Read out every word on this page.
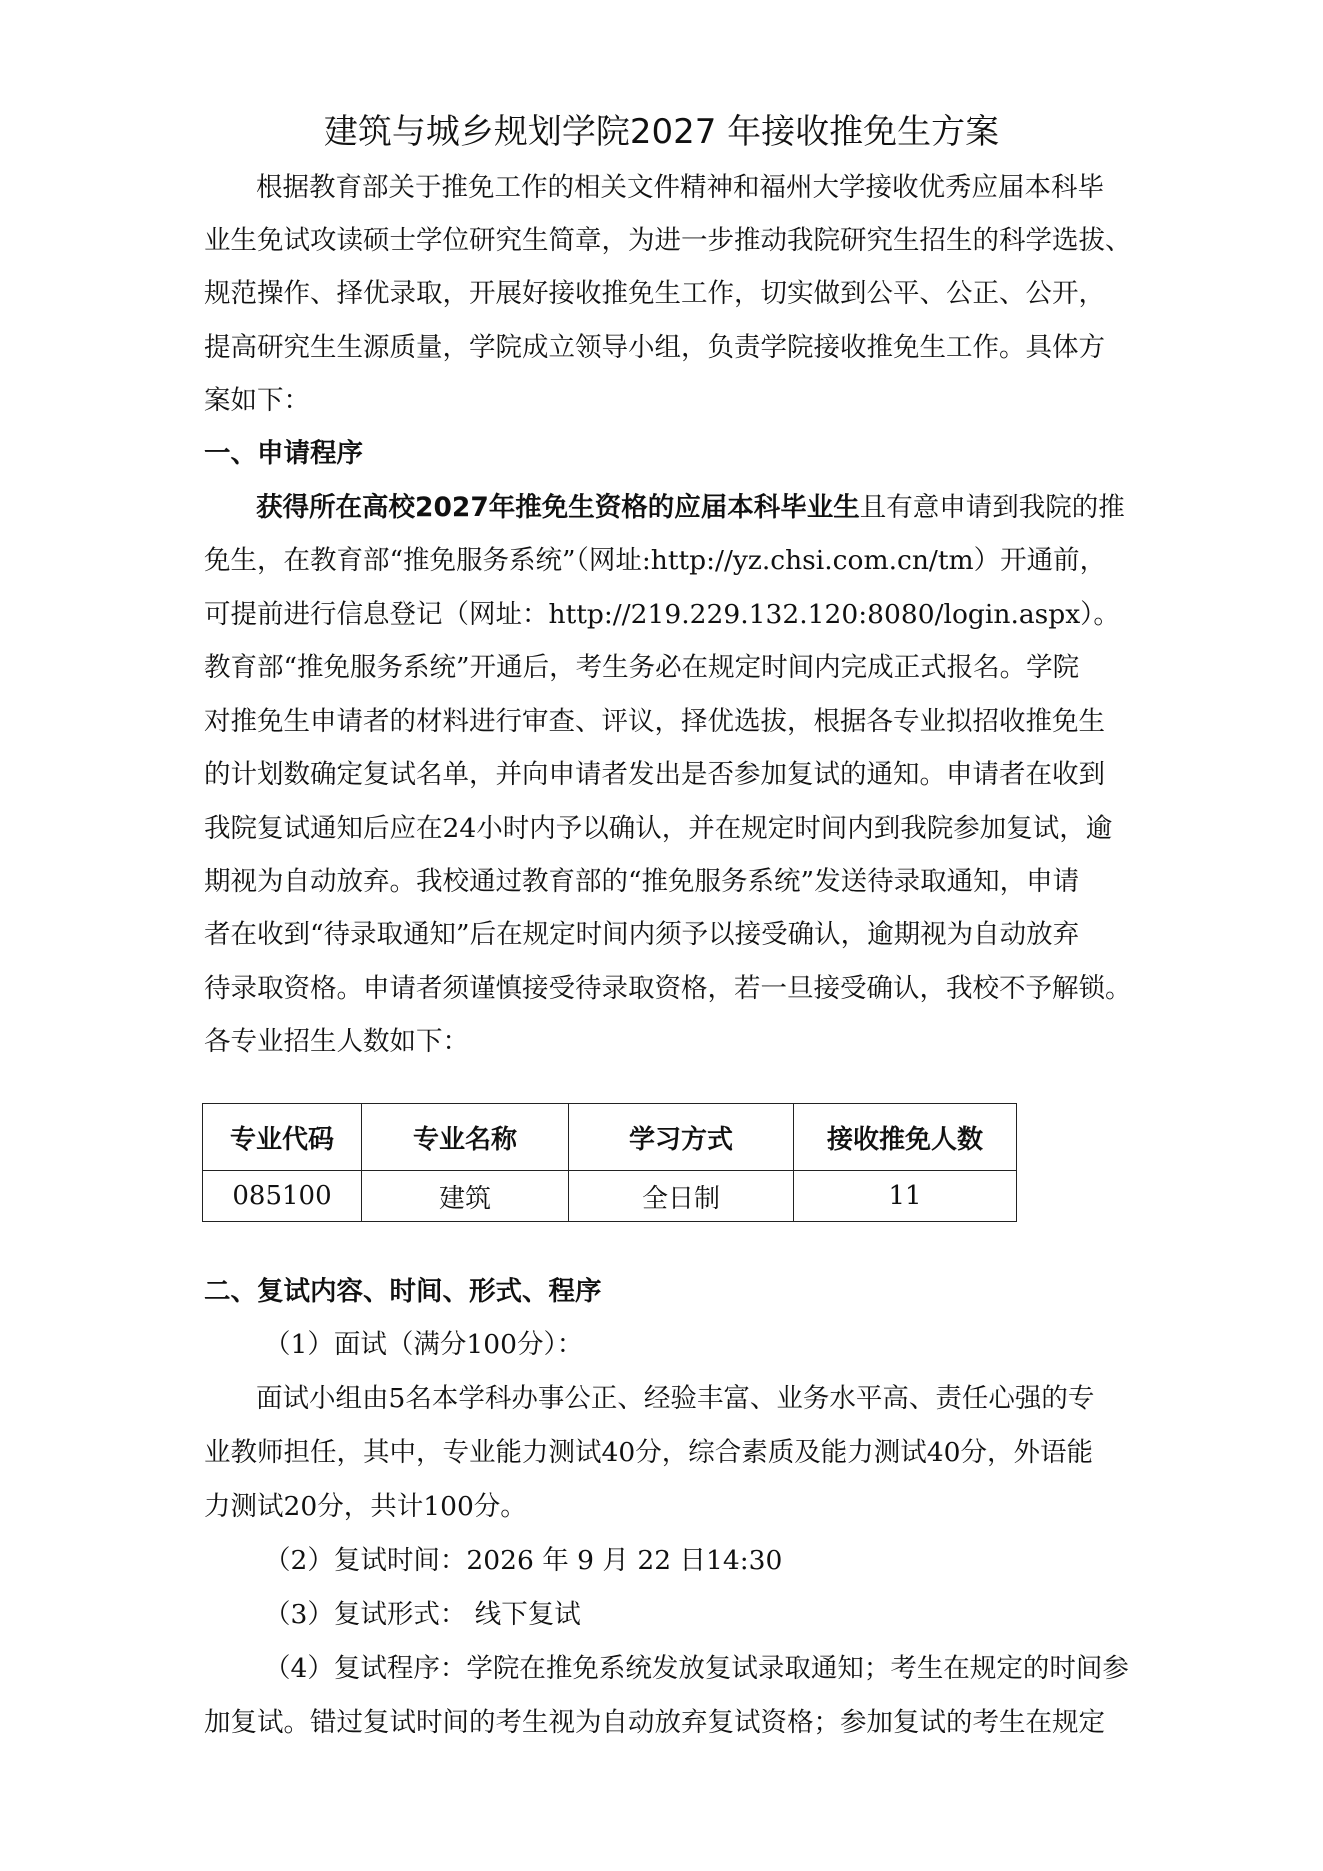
建筑与城乡规划学院2027 年接收推免生方案
根据教育部关于推免工作的相关文件精神和福州大学接收优秀应届本科毕
业生免试攻读硕士学位研究生简章，为进一步推动我院研究生招生的科学选拔、
规范操作、择优录取，开展好接收推免生工作，切实做到公平、公正、公开，
提高研究生生源质量，学院成立领导小组，负责学院接收推免生工作。具体方
案如下：
一、申请程序
获得所在高校2027年推免生资格的应届本科毕业生且有意申请到我院的推
免生，在教育部“推免服务系统”（网址:http://yz.chsi.com.cn/tm）开通前，
可提前进行信息登记（网址：http://219.229.132.120:8080/login.aspx）。
教育部“推免服务系统”开通后，考生务必在规定时间内完成正式报名。学院
对推免生申请者的材料进行审查、评议，择优选拔，根据各专业拟招收推免生
的计划数确定复试名单，并向申请者发出是否参加复试的通知。申请者在收到
我院复试通知后应在24小时内予以确认，并在规定时间内到我院参加复试，逾
期视为自动放弃。我校通过教育部的“推免服务系统”发送待录取通知，申请
者在收到“待录取通知”后在规定时间内须予以接受确认，逾期视为自动放弃
待录取资格。申请者须谨慎接受待录取资格，若一旦接受确认，我校不予解锁。
各专业招生人数如下：
专业代码	专业名称	学习方式	接收推免人数
085100	建筑	全日制	11
二、复试内容、时间、形式、程序
（1）面试（满分100分）：
面试小组由5名本学科办事公正、经验丰富、业务水平高、责任心强的专
业教师担任，其中，专业能力测试40分，综合素质及能力测试40分，外语能
力测试20分，共计100分。
（2）复试时间：2026 年 9 月 22 日14:30
（3）复试形式： 线下复试
（4）复试程序：学院在推免系统发放复试录取通知；考生在规定的时间参
加复试。错过复试时间的考生视为自动放弃复试资格；参加复试的考生在规定
